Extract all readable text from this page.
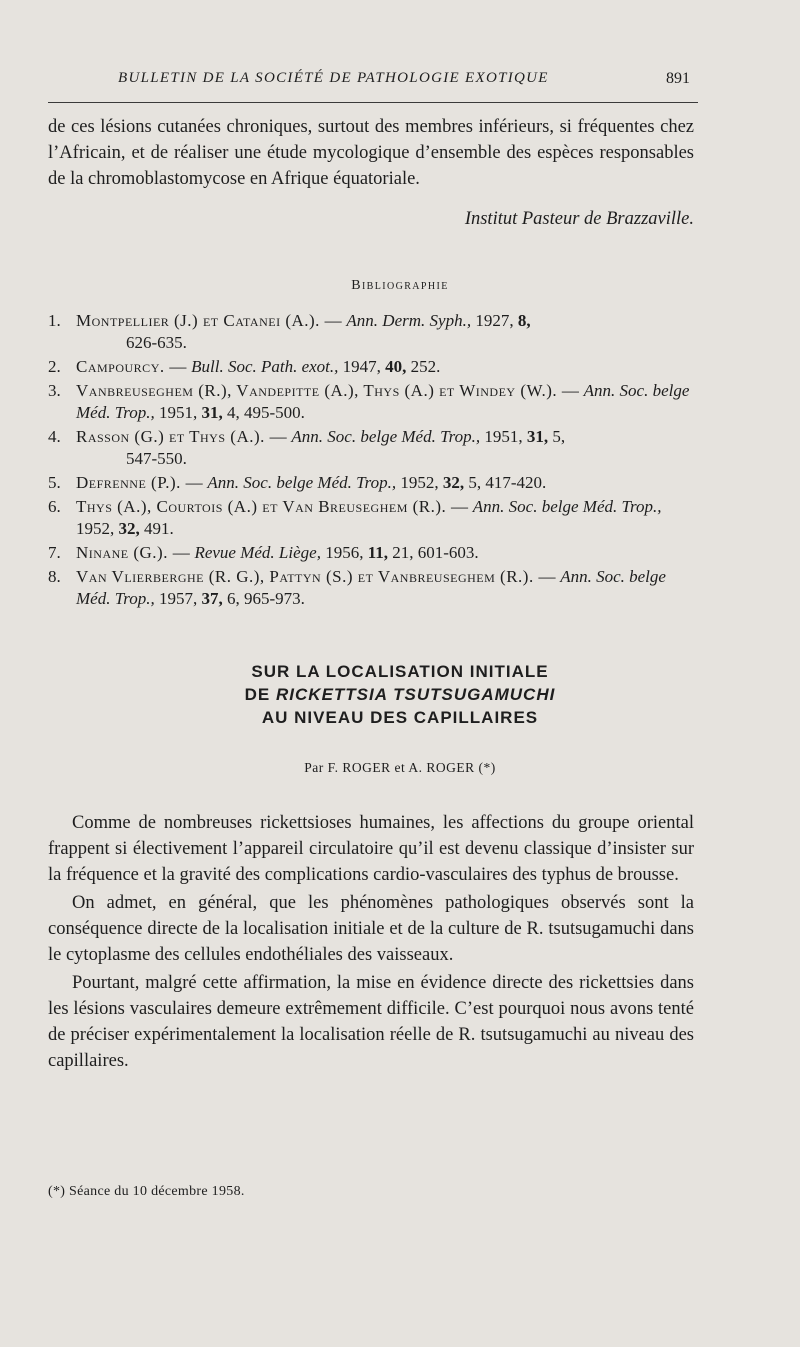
BULLETIN DE LA SOCIÉTÉ DE PATHOLOGIE EXOTIQUE	891
de ces lésions cutanées chroniques, surtout des membres inférieurs, si fréquentes chez l’Africain, et de réaliser une étude mycologique d’ensemble des espèces responsables de la chromoblastomycose en Afrique équatoriale.
Institut Pasteur de Brazzaville.
Bibliographie
1. Montpellier (J.) et Catanei (A.). — Ann. Derm. Syph., 1927, 8,
626-635.
2. Campourcy. — Bull. Soc. Path. exot., 1947, 40, 252.
3. Vanbreuseghem (R.), Vandepitte (A.), Thys (A.) et Windey (W.). — Ann. Soc. belge Méd. Trop., 1951, 31, 4, 495-500.
4. Rasson (G.) et Thys (A.). — Ann. Soc. belge Méd. Trop., 1951, 31, 5,
547-550.
5. Defrenne (P.). — Ann. Soc. belge Méd. Trop., 1952, 32, 5, 417-420.
6. Thys (A.), Courtois (A.) et Van Breuseghem (R.). — Ann. Soc. belge Méd. Trop., 1952, 32, 491.
7. Ninane (G.). — Revue Méd. Liège, 1956, 11, 21, 601-603.
8. Van Vlierberghe (R. G.), Pattyn (S.) et Vanbreuseghem (R.). — Ann. Soc. belge Méd. Trop., 1957, 37, 6, 965-973.
SUR LA LOCALISATION INITIALE
DE RICKETTSIA TSUTSUGAMUCHI
AU NIVEAU DES CAPILLAIRES
Par F. ROGER et A. ROGER (*)

Comme de nombreuses rickettsioses humaines, les affections du groupe oriental frappent si électivement l’appareil circulatoire qu’il est devenu classique d’insister sur la fréquence et la gravité des complications cardio-vasculaires des typhus de brousse.

On admet, en général, que les phénomènes pathologiques observés sont la conséquence directe de la localisation initiale et de la culture de R. tsutsugamuchi dans le cytoplasme des cellules endothéliales des vaisseaux.

Pourtant, malgré cette affirmation, la mise en évidence directe des rickettsies dans les lésions vasculaires demeure extrêmement difficile. C’est pourquoi nous avons tenté de préciser expérimentalement la localisation réelle de R. tsutsugamuchi au niveau des capillaires.

(*) Séance du 10 décembre 1958.
